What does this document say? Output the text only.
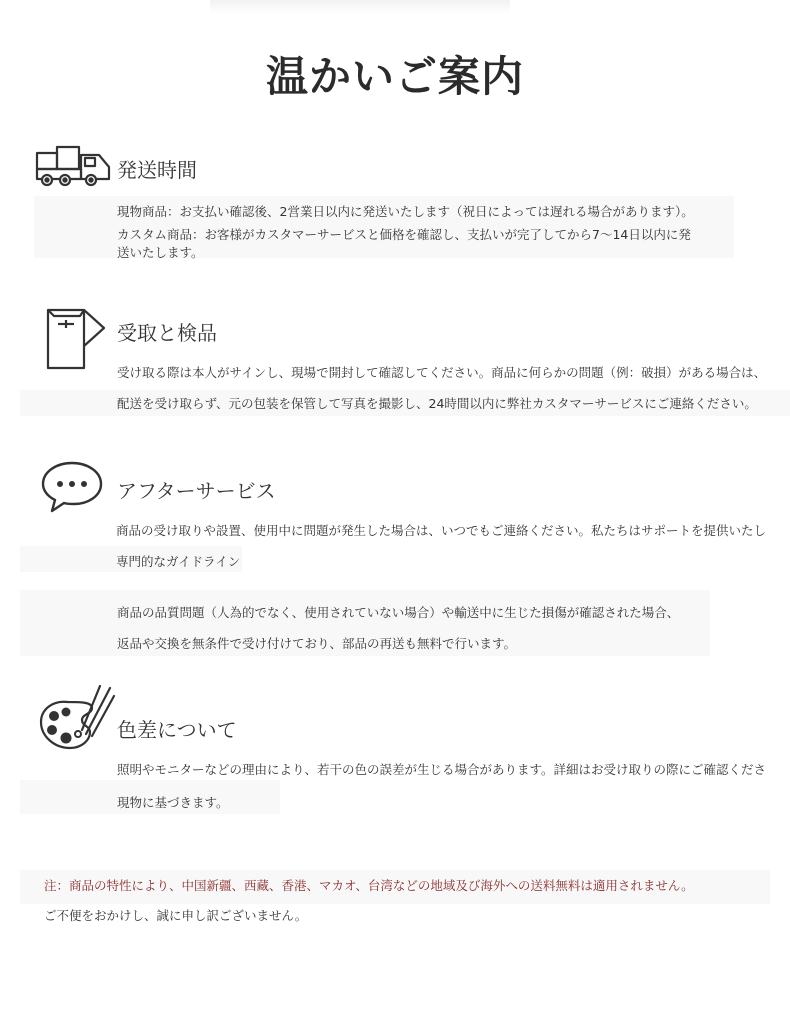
温かいご案内
発送時間
現物商品：お支払い確認後、2営業日以内に発送いたします（祝日によっては遅れる場合があります）。
カスタム商品：お客様がカスタマーサービスと価格を確認し、支払いが完了してから7〜14日以内に発送いたします。
受取と検品
受け取る際は本人がサインし、現場で開封して確認してください。商品に何らかの問題（例：破損）がある場合は、
配送を受け取らず、元の包装を保管して写真を撮影し、24時間以内に弊社カスタマーサービスにご連絡ください。
アフターサービス
商品の受け取りや設置、使用中に問題が発生した場合は、いつでもご連絡ください。私たちはサポートを提供いたし
専門的なガイドライン
商品の品質問題（人為的でなく、使用されていない場合）や輸送中に生じた損傷が確認された場合、
返品や交換を無条件で受け付けており、部品の再送も無料で行います。
色差について
照明やモニターなどの理由により、若干の色の誤差が生じる場合があります。詳細はお受け取りの際にご確認くださ
現物に基づきます。
注：商品の特性により、中国新疆、西藏、香港、マカオ、台湾などの地域及び海外への送料無料は適用されません。
ご不便をおかけし、誠に申し訳ございません。
